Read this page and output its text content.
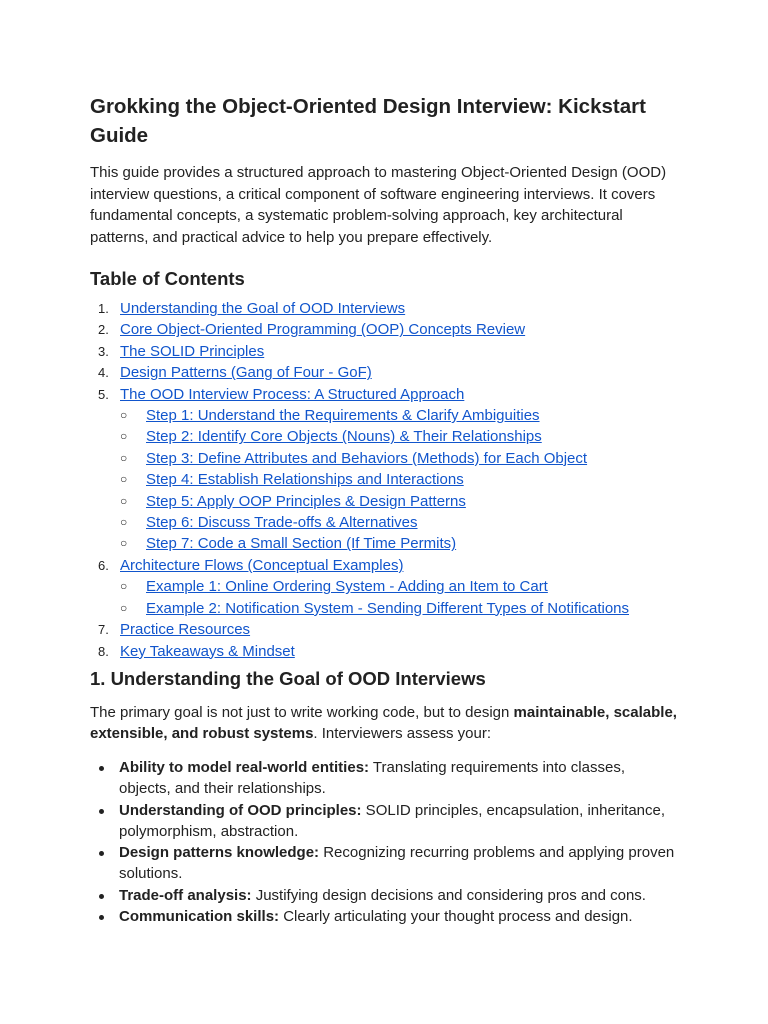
Grokking the Object-Oriented Design Interview: Kickstart Guide

This guide provides a structured approach to mastering Object-Oriented Design (OOD) interview questions, a critical component of software engineering interviews. It covers fundamental concepts, a systematic problem-solving approach, key architectural patterns, and practical advice to help you prepare effectively.

Table of Contents
1. Understanding the Goal of OOD Interviews
2. Core Object-Oriented Programming (OOP) Concepts Review
3. The SOLID Principles
4. Design Patterns (Gang of Four - GoF)
5. The OOD Interview Process: A Structured Approach
○ Step 1: Understand the Requirements & Clarify Ambiguities
○ Step 2: Identify Core Objects (Nouns) & Their Relationships
○ Step 3: Define Attributes and Behaviors (Methods) for Each Object
○ Step 4: Establish Relationships and Interactions
○ Step 5: Apply OOP Principles & Design Patterns
○ Step 6: Discuss Trade-offs & Alternatives
○ Step 7: Code a Small Section (If Time Permits)
6. Architecture Flows (Conceptual Examples)
○ Example 1: Online Ordering System - Adding an Item to Cart
○ Example 2: Notification System - Sending Different Types of Notifications
7. Practice Resources
8. Key Takeaways & Mindset
1. Understanding the Goal of OOD Interviews

The primary goal is not just to write working code, but to design maintainable, scalable, extensible, and robust systems. Interviewers assess your:

Ability to model real-world entities: Translating requirements into classes, objects, and their relationships.
Understanding of OOD principles: SOLID principles, encapsulation, inheritance, polymorphism, abstraction.
Design patterns knowledge: Recognizing recurring problems and applying proven solutions.
Trade-off analysis: Justifying design decisions and considering pros and cons.
Communication skills: Clearly articulating your thought process and design.
